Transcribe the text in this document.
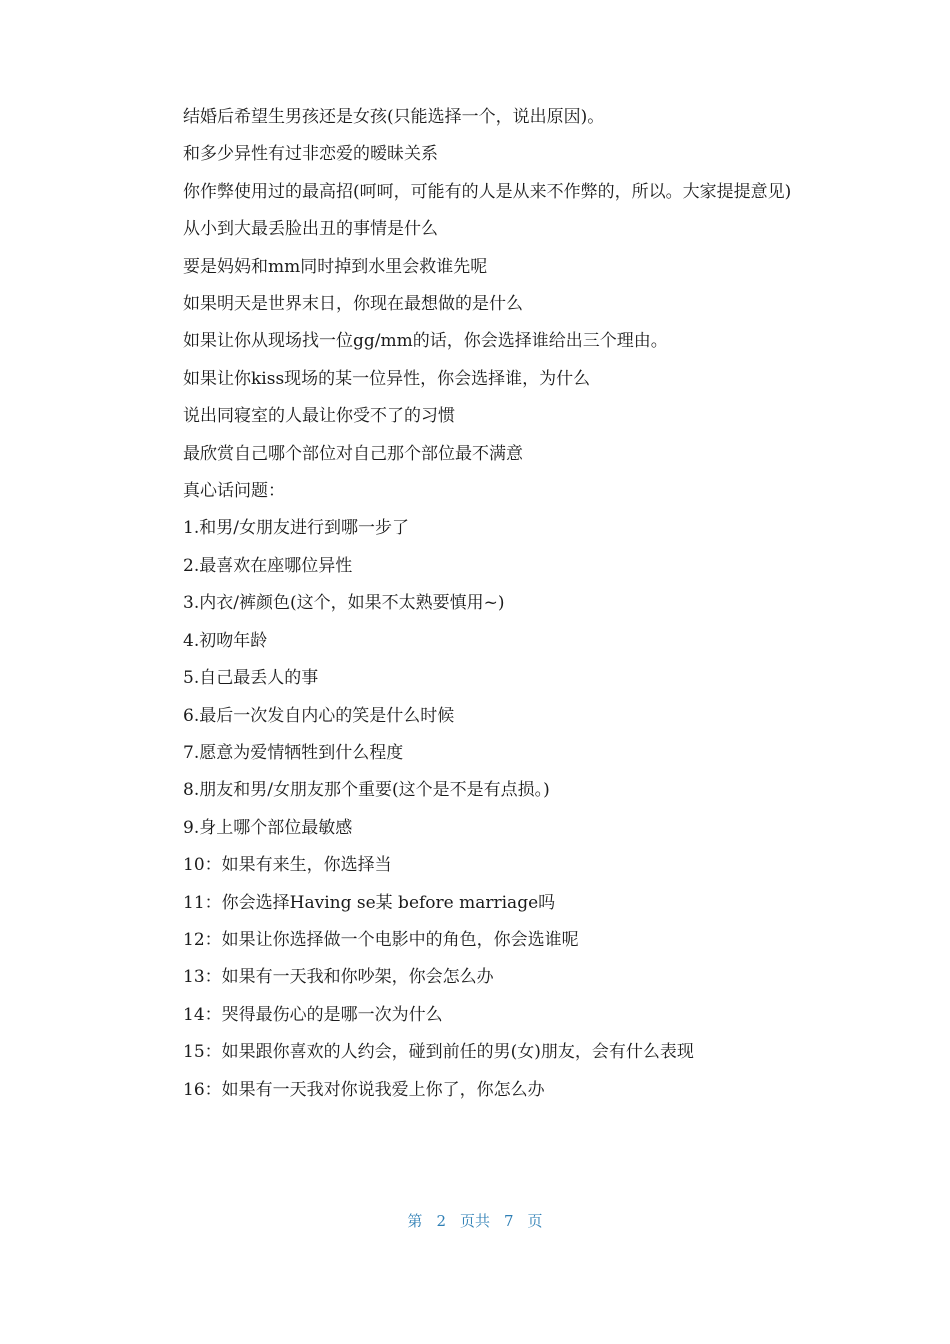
结婚后希望生男孩还是女孩(只能选择一个，说出原因)。

和多少异性有过非恋爱的暧昧关系

你作弊使用过的最高招(呵呵，可能有的人是从来不作弊的，所以。大家提提意见)

从小到大最丢脸出丑的事情是什么

要是妈妈和mm同时掉到水里会救谁先呢

如果明天是世界末日，你现在最想做的是什么

如果让你从现场找一位gg/mm的话，你会选择谁给出三个理由。

如果让你kiss现场的某一位异性，你会选择谁，为什么

说出同寝室的人最让你受不了的习惯

最欣赏自己哪个部位对自己那个部位最不满意

真心话问题：

1.和男/女朋友进行到哪一步了

2.最喜欢在座哪位异性

3.内衣/裤颜色(这个，如果不太熟要慎用~)

4.初吻年龄

5.自己最丢人的事

6.最后一次发自内心的笑是什么时候

7.愿意为爱情牺牲到什么程度

8.朋友和男/女朋友那个重要(这个是不是有点损。)

9.身上哪个部位最敏感

10：如果有来生，你选择当

11：你会选择Having se某 before marriage吗

12：如果让你选择做一个电影中的角色，你会选谁呢

13：如果有一天我和你吵架，你会怎么办

14：哭得最伤心的是哪一次为什么

15：如果跟你喜欢的人约会，碰到前任的男(女)朋友，会有什么表现

16：如果有一天我对你说我爱上你了，你怎么办

第 2 页共 7 页
